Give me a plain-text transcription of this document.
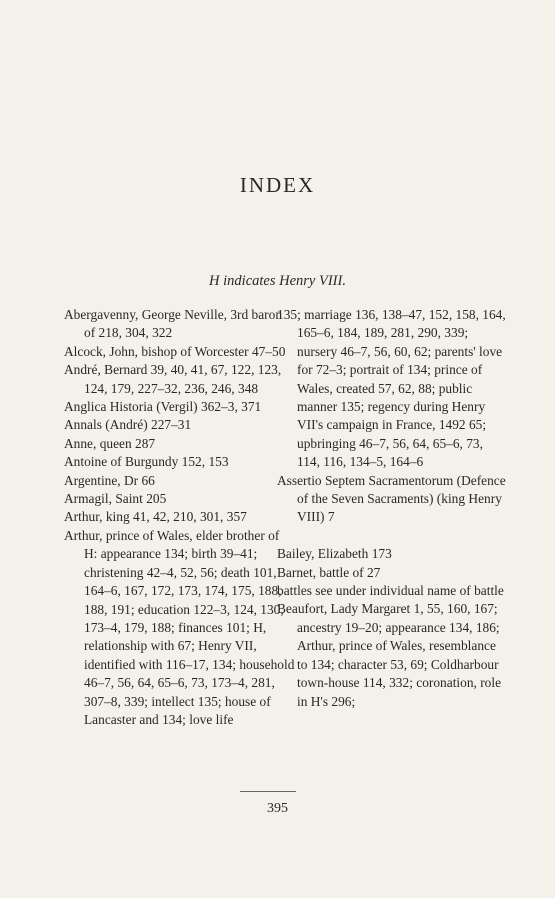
INDEX
H indicates Henry VIII.

Abergavenny, George Neville, 3rd baron of 218, 304, 322

Alcock, John, bishop of Worcester 47–50

André, Bernard 39, 40, 41, 67, 122, 123, 124, 179, 227–32, 236, 246, 348

Anglica Historia (Vergil) 362–3, 371

Annals (André) 227–31

Anne, queen 287

Antoine of Burgundy 152, 153

Argentine, Dr 66

Armagil, Saint 205

Arthur, king 41, 42, 210, 301, 357

Arthur, prince of Wales, elder brother of H: appearance 134; birth 39–41; christening 42–4, 52, 56; death 101, 164–6, 167, 172, 173, 174, 175, 188, 188, 191; education 122–3, 124, 130, 173–4, 179, 188; finances 101; H, relationship with 67; Henry VII, identified with 116–17, 134; household 46–7, 56, 64, 65–6, 73, 173–4, 281, 307–8, 339; intellect 135; house of Lancaster and 134; love life

135; marriage 136, 138–47, 152, 158, 164, 165–6, 184, 189, 281, 290, 339; nursery 46–7, 56, 60, 62; parents' love for 72–3; portrait of 134; prince of Wales, created 57, 62, 88; public manner 135; regency during Henry VII's campaign in France, 1492 65; upbringing 46–7, 56, 64, 65–6, 73, 114, 116, 134–5, 164–6

Assertio Septem Sacramentorum (Defence of the Seven Sacraments) (king Henry VIII) 7

Bailey, Elizabeth 173

Barnet, battle of 27

battles see under individual name of battle

Beaufort, Lady Margaret 1, 55, 160, 167; ancestry 19–20; appearance 134, 186; Arthur, prince of Wales, resemblance to 134; character 53, 69; Coldharbour town-house 114, 332; coronation, role in H's 296;

395
